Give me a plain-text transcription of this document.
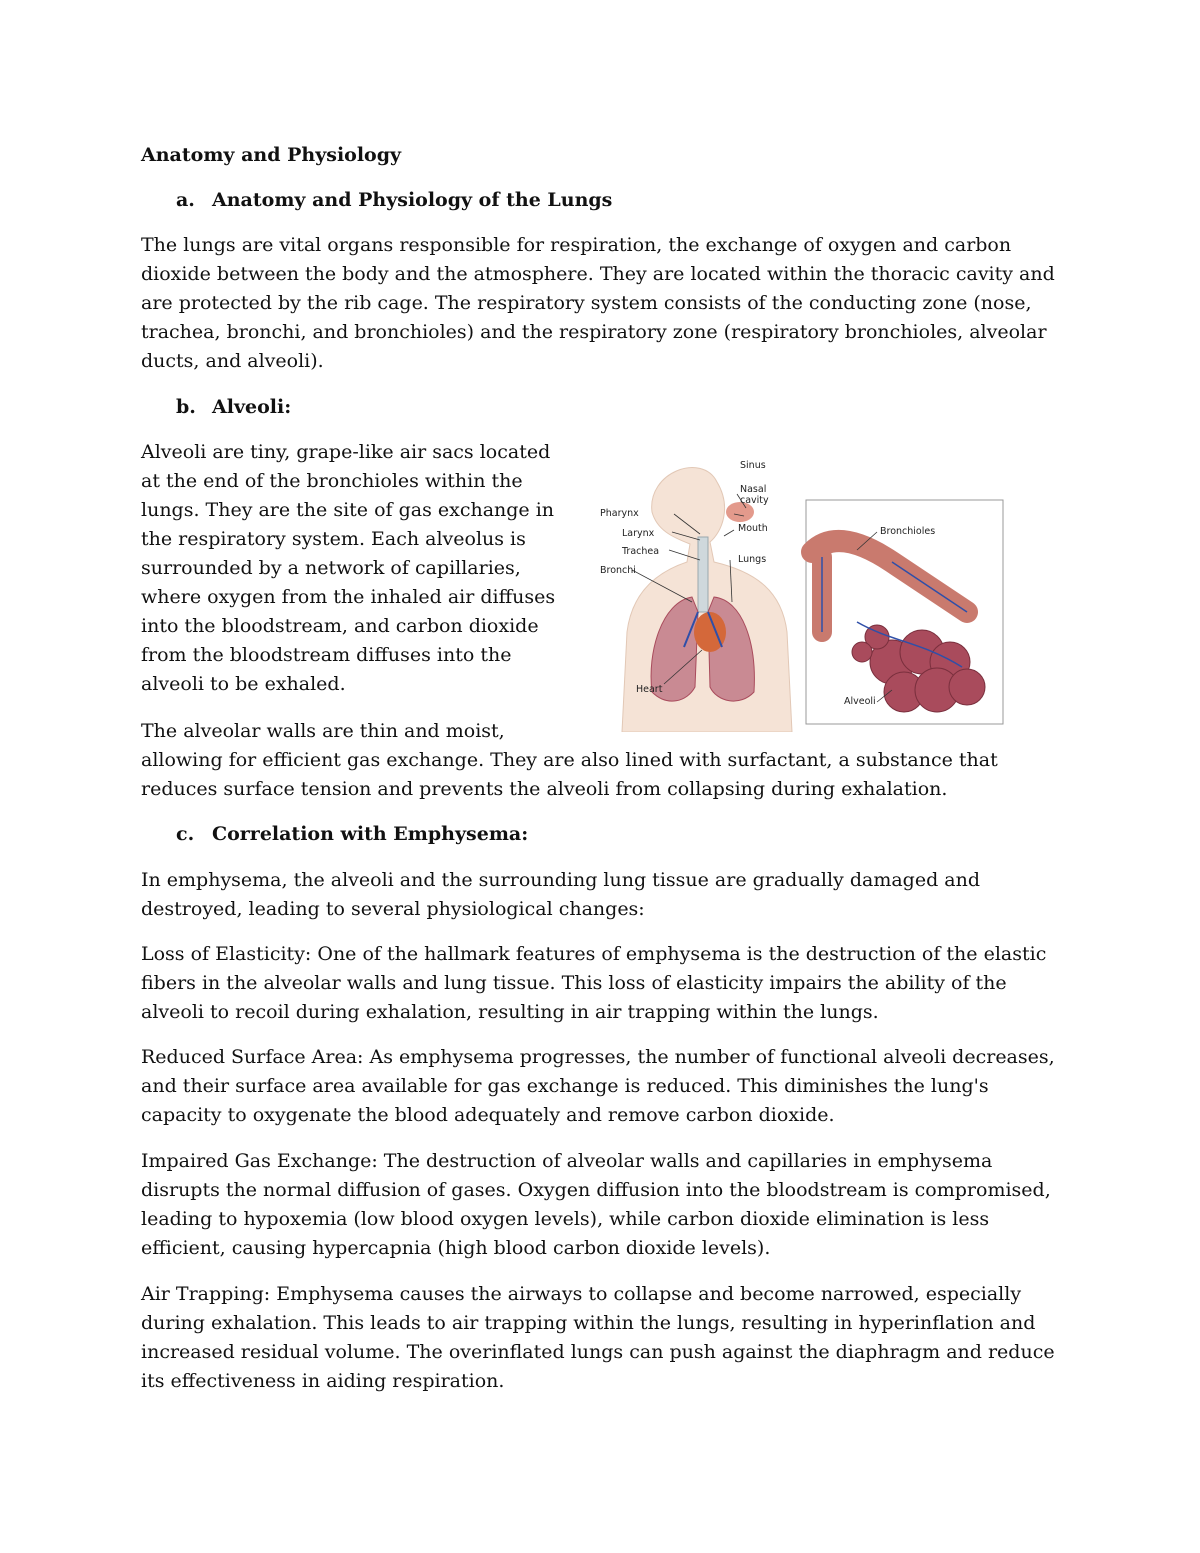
Anatomy and Physiology
a. Anatomy and Physiology of the Lungs

The lungs are vital organs responsible for respiration, the exchange of oxygen and carbon dioxide between the body and the atmosphere. They are located within the thoracic cavity and are protected by the rib cage. The respiratory system consists of the conducting zone (nose, trachea, bronchi, and bronchioles) and the respiratory zone (respiratory bronchioles, alveolar ducts, and alveoli).

b. Alveoli:

Alveoli are tiny, grape-like air sacs located at the end of the bronchioles within the lungs. They are the site of gas exchange in the respiratory system. Each alveolus is surrounded by a network of capillaries, where oxygen from the inhaled air diffuses into the bloodstream, and carbon dioxide from the bloodstream diffuses into the alveoli to be exhaled.

Sinus
Nasal
cavity
Pharynx
Larynx	Mouth
Trachea
Lungs
Bronchi
Heart
Bronchioles
Alveoli

The alveolar walls are thin and moist,

allowing for efficient gas exchange. They are also lined with surfactant, a substance that reduces surface tension and prevents the alveoli from collapsing during exhalation.

c. Correlation with Emphysema:

In emphysema, the alveoli and the surrounding lung tissue are gradually damaged and destroyed, leading to several physiological changes:

Loss of Elasticity: One of the hallmark features of emphysema is the destruction of the elastic fibers in the alveolar walls and lung tissue. This loss of elasticity impairs the ability of the alveoli to recoil during exhalation, resulting in air trapping within the lungs.

Reduced Surface Area: As emphysema progresses, the number of functional alveoli decreases, and their surface area available for gas exchange is reduced. This diminishes the lung's capacity to oxygenate the blood adequately and remove carbon dioxide.

Impaired Gas Exchange: The destruction of alveolar walls and capillaries in emphysema disrupts the normal diffusion of gases. Oxygen diffusion into the bloodstream is compromised, leading to hypoxemia (low blood oxygen levels), while carbon dioxide elimination is less efficient, causing hypercapnia (high blood carbon dioxide levels).

Air Trapping: Emphysema causes the airways to collapse and become narrowed, especially during exhalation. This leads to air trapping within the lungs, resulting in hyperinflation and increased residual volume. The overinflated lungs can push against the diaphragm and reduce its effectiveness in aiding respiration.
